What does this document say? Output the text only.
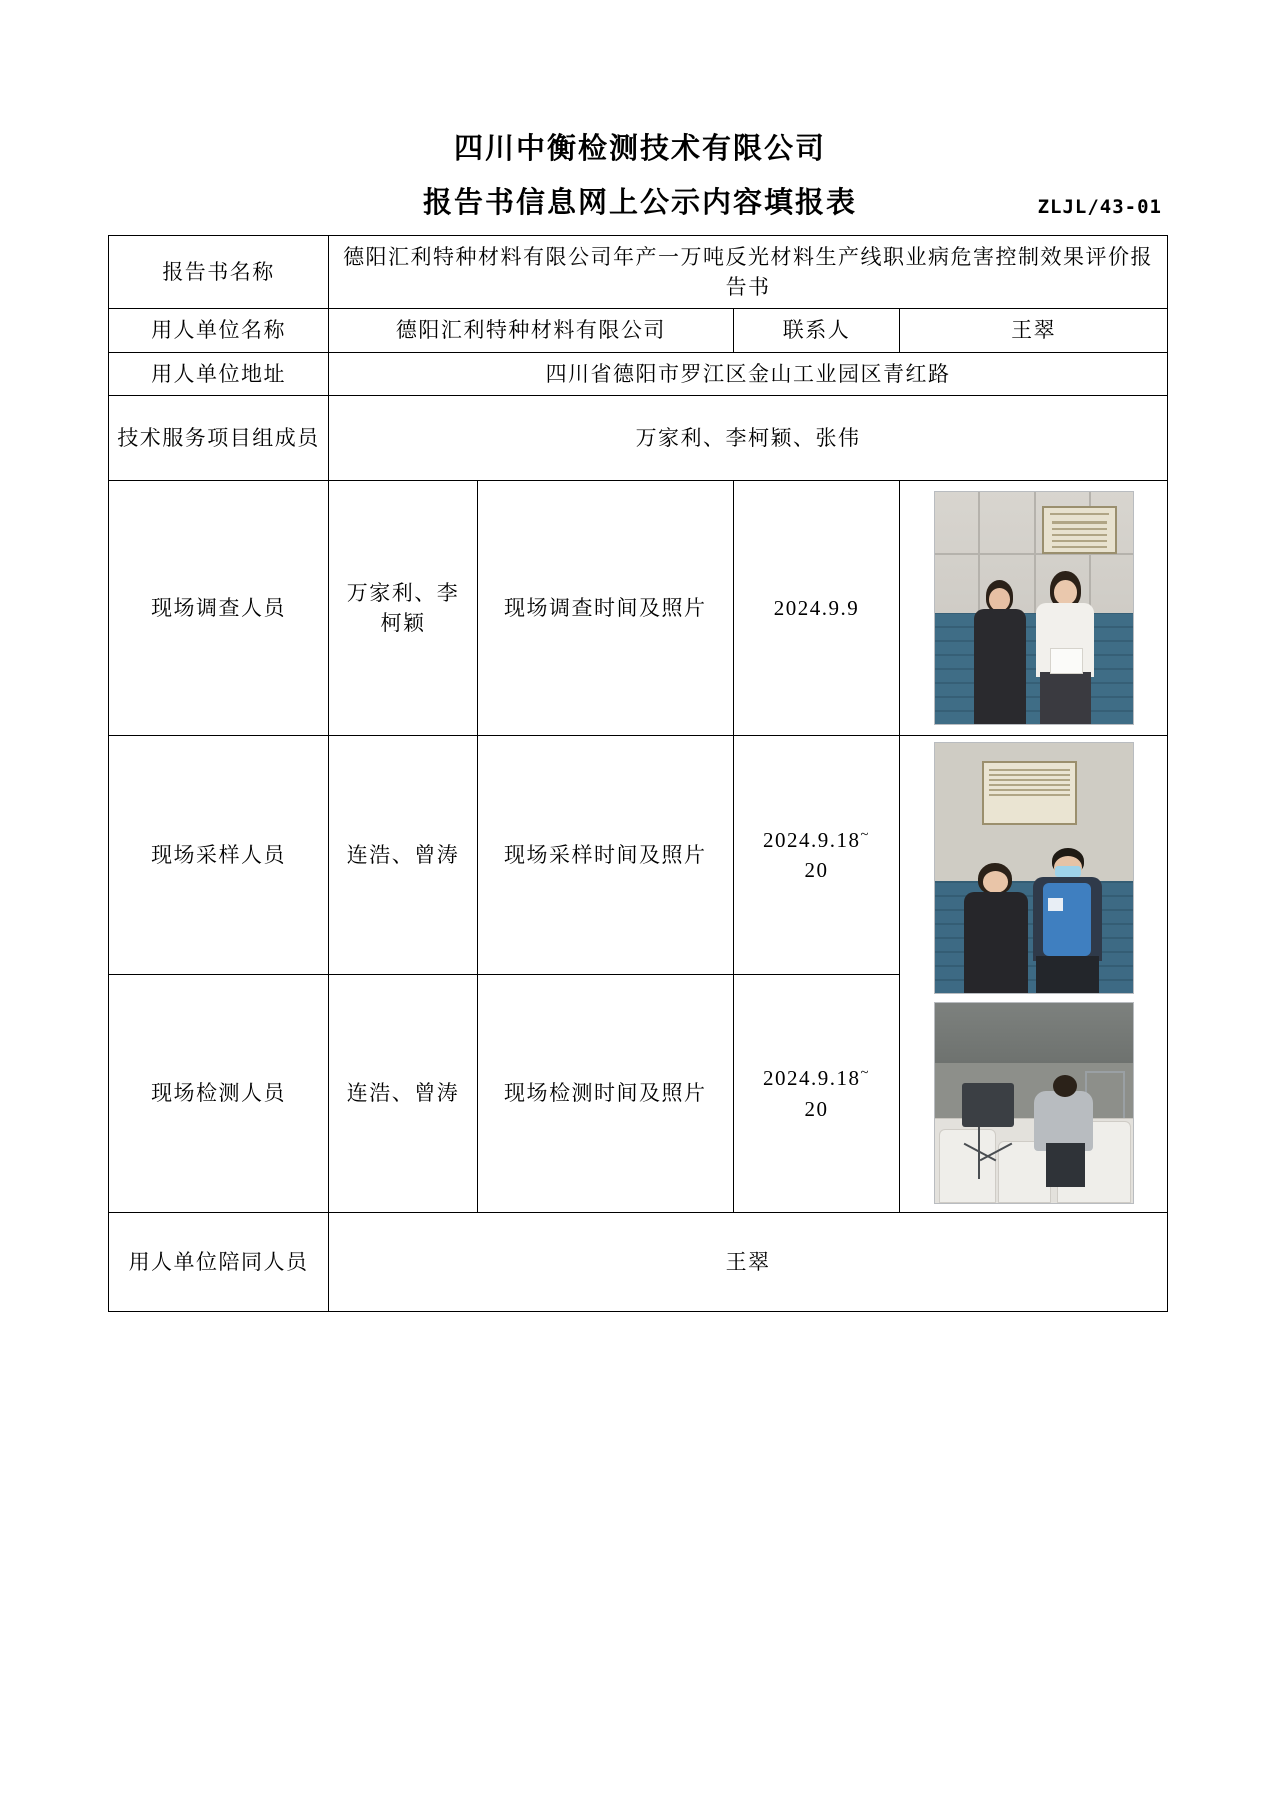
四川中衡检测技术有限公司
报告书信息网上公示内容填报表	ZLJL/43-01
报告书名称	德阳汇利特种材料有限公司年产一万吨反光材料生产线职业病危害控制效果评价报告书			
用人单位名称	德阳汇利特种材料有限公司		联系人	王翠
用人单位地址	四川省德阳市罗江区金山工业园区青红路			
技术服务项目组成员	万家利、李柯颖、张伟			
现场调查人员	万家利、李柯颖	现场调查时间及照片	2024.9.9	

现场采样人员	连浩、曾涛	现场采样时间及照片	2024.9.18~
20	

现场检测人员	连浩、曾涛	现场检测时间及照片	2024.9.18~
20	
用人单位陪同人员	王翠			
